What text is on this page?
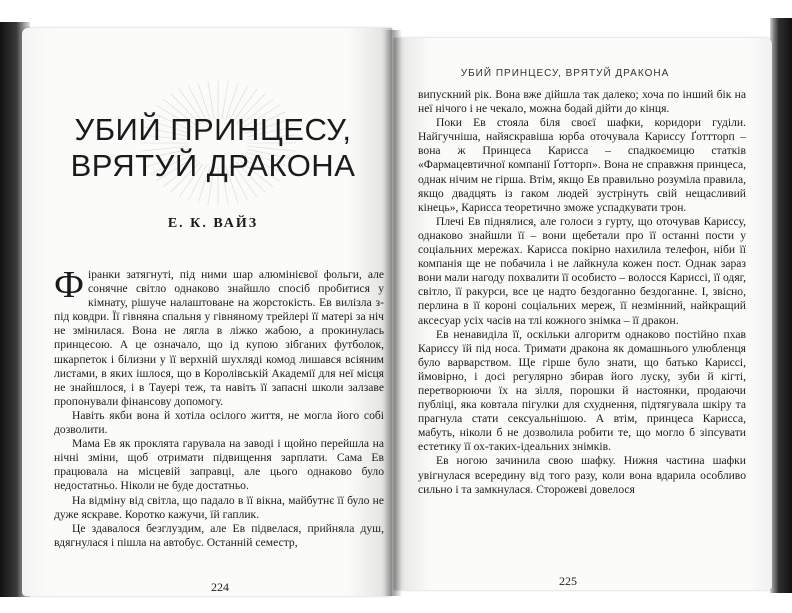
УБИЙ ПРИНЦЕСУ,
ВРЯТУЙ ДРАКОНА
Е. К. ВАЙЗ

Фіранки затягнуті, під ними шар алюмінієвої фольги, але сонячне світло однаково знайшло спосіб пробитися у кімнату, рішуче налаштоване на жорстокість. Ев вилізла з-під ковдри. Її гівняна спальня у гівняному трейлері її матері за ніч не змінилася. Вона не лягла в ліжко жабою, а прокинулась принцесою. А це означало, що ід купою зібганих футболок, шкарпеток і білизни у її верхній шухляді комод лишався всіяним листами, в яких ішлося, що в Королівській Академії для неї місця не знайшлося, і в Тауері теж, та навіть її запасні школи залзаве пропонували фінансову допомогу.

Навіть якби вона й хотіла осілого життя, не могла його собі дозволити.

Мама Ев як проклята гарувала на заводі і щойно перейшла на нічні зміни, щоб отримати підвищення зарплати. Сама Ев працювала на місцевій заправці, але цього однаково було недостатньо. Ніколи не буде достатньо.

На відміну від світла, що падало в її вікна, майбутнє її було не дуже яскраве. Коротко кажучи, їй гаплик.

Це здавалося безглуздим, але Ев підвелася, прийняла душ, вдягнулася і пішла на автобус. Останній семестр,

224
УБИЙ ПРИНЦЕСУ, ВРЯТУЙ ДРАКОНА

випускний рік. Вона вже дійшла так далеко; хоча по інший бік на неї нічого і не чекало, можна бодай дійти до кінця.

Поки Ев стояла біля своєї шафки, коридори гуділи. Найгучніша, найяскравіша юрба оточувала Кариссу Ґоттторп – вона ж Принцеса Карисса – спадкоємицю статків «Фармацевтичної компанії Ґотторп». Вона не справжня принцеса, однак нічим не гірша. Втім, якщо Ев правильно розуміла правила, якщо двадцять із гаком людей зустрінуть свій нещасливий кінець», Карисса теоретично зможе успадкувати трон.

Плечі Ев піднялися, але голоси з гурту, що оточував Кариссу, однаково знайшли її – вони щебетали про її останні пости у соціальних мережах. Карисса покірно нахилила телефон, ніби її компанія ще не побачила і не лайкнула кожен пост. Однак зараз вони мали нагоду похвалити її особисто – волосся Кариссі, її одяг, світло, її ракурси, все це надто бездоганно бездоганне. І, звісно, перлина в її короні соціальних мереж, її незмінний, найкращий аксесуар усіх часів на тлі кожного знімка – її дракон.

Ев ненавиділа її, оскільки алгоритм однаково постійно пхав Кариссу їй під носа. Тримати дракона як домашнього улюбленця було варварством. Ще гірше було знати, що батько Кариссі, ймовірно, і досі регулярно збирав його луску, зуби й кігті, перетворюючи їх на зілля, порошки й настоянки, продаючи публіці, яка ковтала пігулки для схуднення, підтягувала шкіру та прагнула стати сексуальнішою. А втім, принцеса Карисса, мабуть, ніколи б не дозволила робити те, що могло б зіпсувати естетику її ох-таких-ідеальних знімків.

Ев ногою зачинила свою шафку. Нижня частина шафки увігнулася всередину від того разу, коли вона вдарила особливо сильно і та замкнулася. Сторожеві довелося

225
